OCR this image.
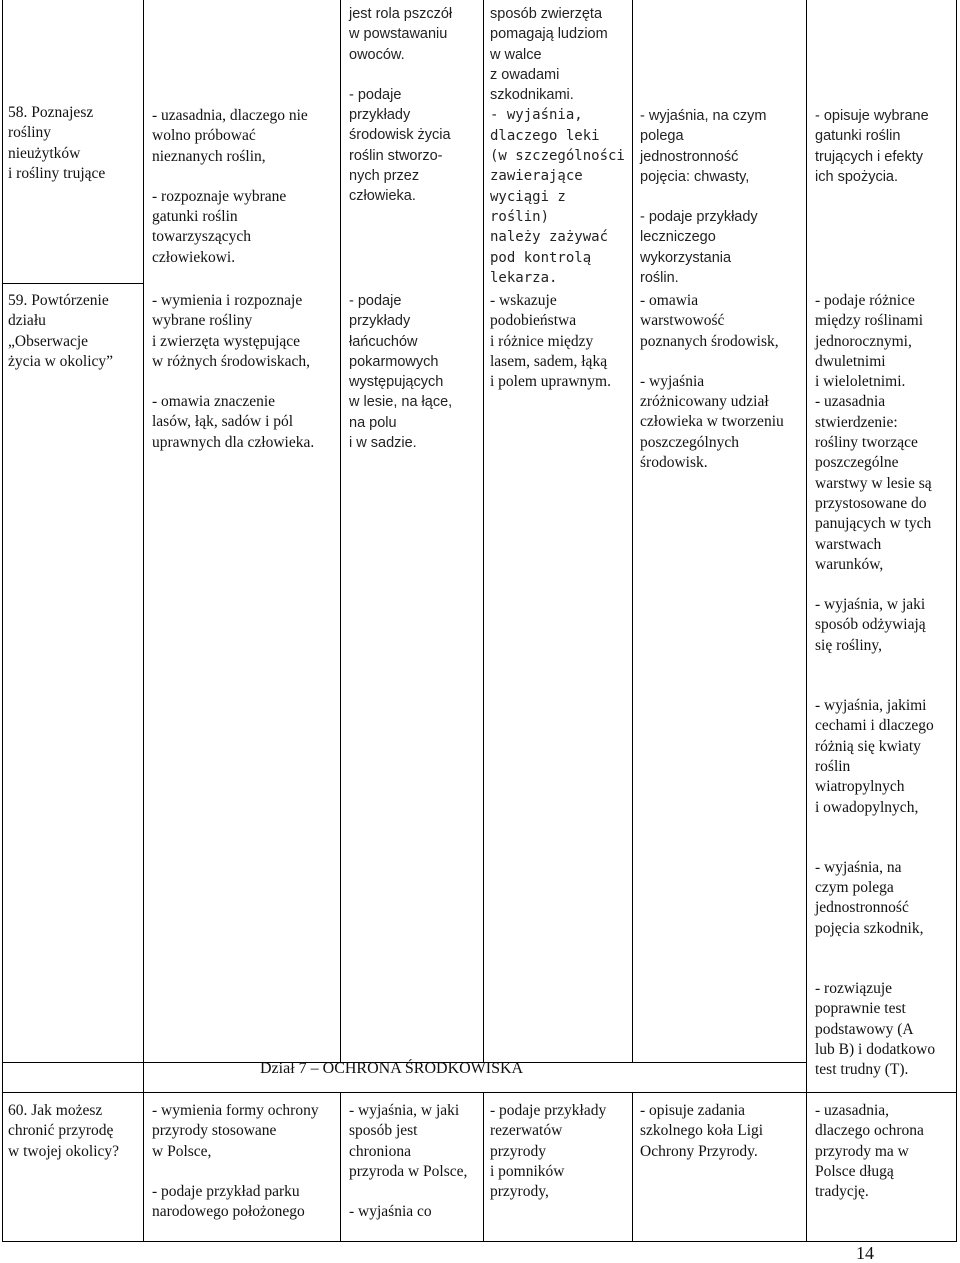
58. Poznajesz

rośliny

nieużytków

i rośliny trujące

59. Powtórzenie

działu

„Obserwacje

życia w okolicy”

- uzasadnia, dlaczego nie

wolno próbować

nieznanych roślin,

- rozpoznaje wybrane

gatunki roślin

towarzyszących

człowiekowi.

- wymienia i rozpoznaje

wybrane rośliny

i zwierzęta występujące

w różnych środowiskach,

- omawia znaczenie

lasów, łąk, sadów i pól

uprawnych dla człowieka.

jest rola pszczół

w powstawaniu

owoców.

- podaje

przykłady

środowisk życia

roślin stworzo-

nych przez

człowieka.

- podaje

przykłady

łańcuchów

pokarmowych

występujących

w lesie, na łące,

na polu

i w sadzie.

sposób zwierzęta

pomagają ludziom

w walce

z owadami

szkodnikami.

- wyjaśnia,

dlaczego leki

(w szczególności

zawierające

wyciągi z roślin)

należy zażywać

pod kontrolą

lekarza.

- wskazuje

podobieństwa

i różnice między

lasem, sadem, łąką

i polem uprawnym.

- wyjaśnia, na czym

polega

jednostronność

pojęcia: chwasty,

- podaje przykłady

leczniczego

wykorzystania

roślin.

- omawia

warstwowość

poznanych środowisk,

- wyjaśnia

zróżnicowany udział

człowieka w tworzeniu

poszczególnych

środowisk.

- opisuje wybrane

gatunki roślin

trujących i efekty

ich spożycia.

- podaje różnice

między roślinami

jednorocznymi,

dwuletnimi

i wieloletnimi.

- uzasadnia

stwierdzenie:

rośliny tworzące

poszczególne

warstwy w lesie są

przystosowane do

panujących w tych

warstwach

warunków,

- wyjaśnia, w jaki

sposób odżywiają

się rośliny,

- wyjaśnia, jakimi

cechami i dlaczego

różnią się kwiaty

roślin

wiatropylnych

i owadopylnych,

- wyjaśnia, na

czym polega

jednostronność

pojęcia szkodnik,

- rozwiązuje

poprawnie test

podstawowy (A

lub B) i dodatkowo

test trudny (T).

Dział 7 – OCHRONA ŚRODKOWISKA

60. Jak możesz

chronić przyrodę

w twojej okolicy?

- wymienia formy ochrony

przyrody stosowane

w Polsce,

- podaje przykład parku

narodowego położonego

- wyjaśnia, w jaki

sposób jest

chroniona

przyroda w Polsce,

- wyjaśnia co

- podaje przykłady

rezerwatów

przyrody

i pomników

przyrody,

- opisuje zadania

szkolnego koła Ligi

Ochrony Przyrody.

- uzasadnia,

dlaczego ochrona

przyrody ma w

Polsce długą

tradycję.

14
